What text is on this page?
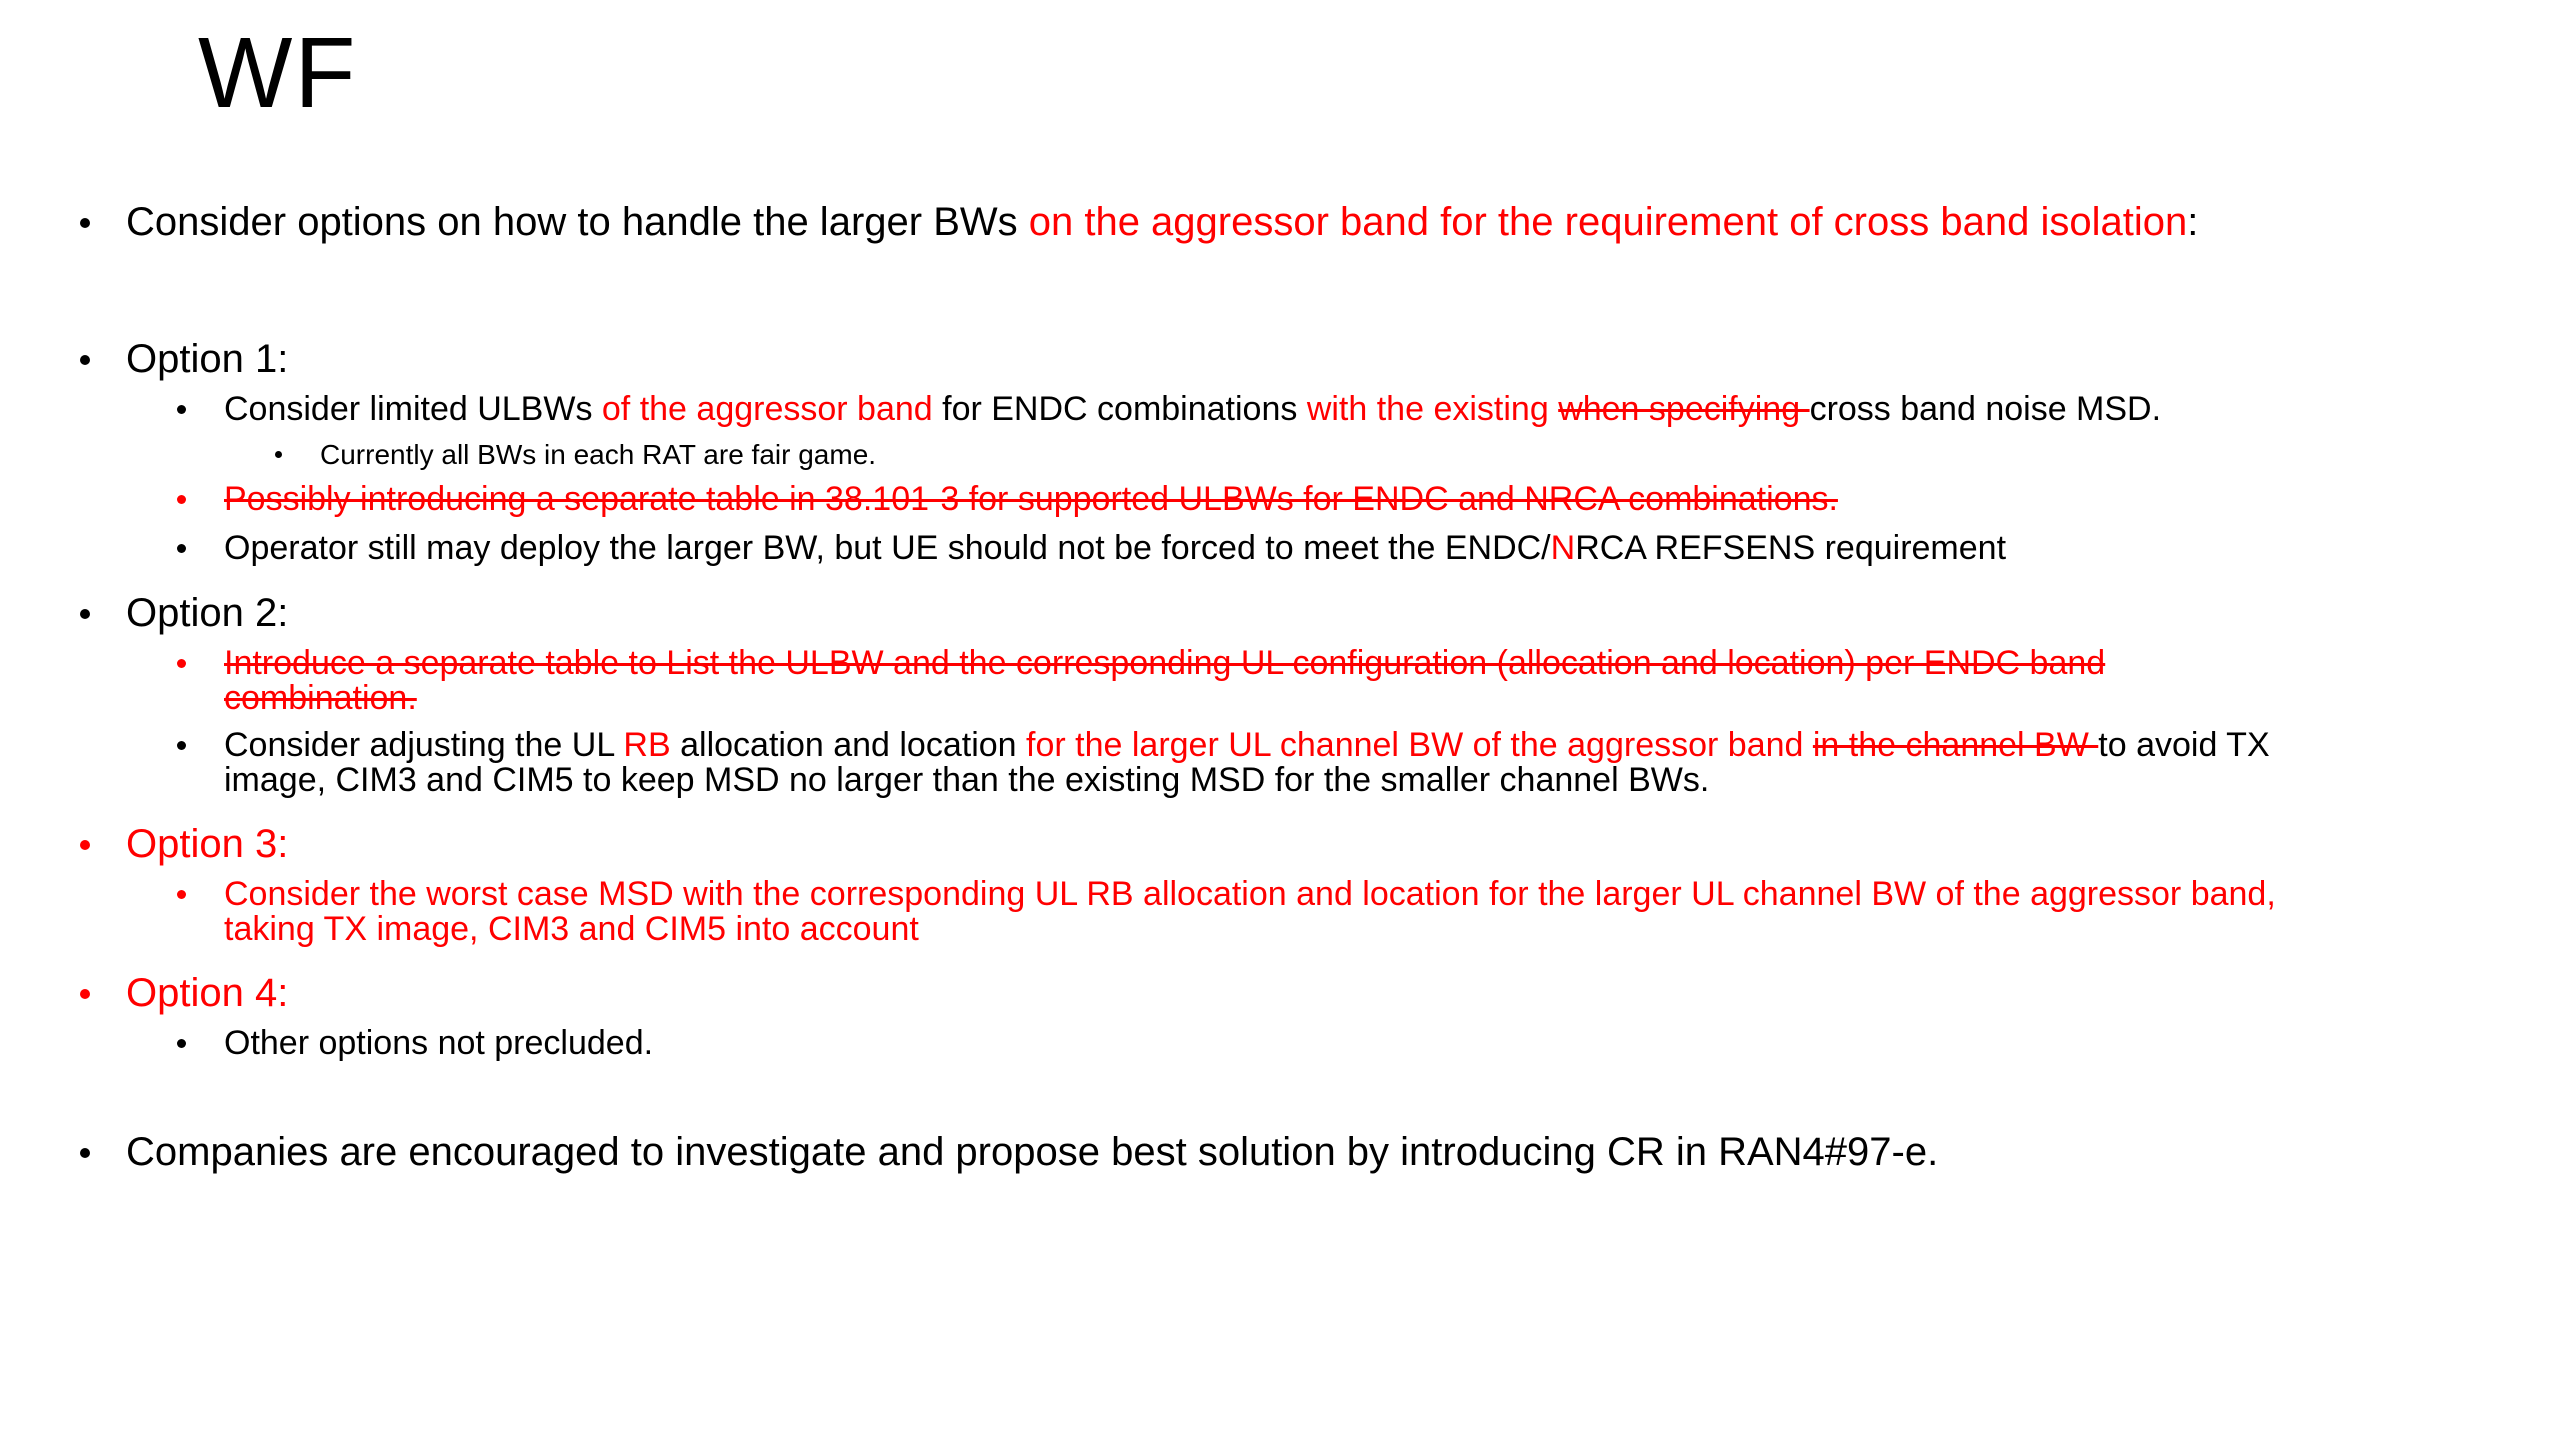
WF
Consider options on how to handle the larger BWs on the aggressor band for the requirement of cross band isolation:
Option 1:
Consider limited ULBWs of the aggressor band for ENDC combinations with the existing when specifying cross band noise MSD.
Currently all BWs in each RAT are fair game.
Possibly introducing a separate table in 38.101-3 for supported ULBWs for ENDC and NRCA combinations.
Operator still may deploy the larger BW, but UE should not be forced to meet the ENDC/NRCA REFSENS requirement
Option 2:
Introduce a separate table to List the ULBW and the corresponding UL configuration (allocation and location) per ENDC band
combination.
Consider adjusting the UL RB allocation and location for the larger UL channel BW of the aggressor band in the channel BW to avoid TX
image, CIM3 and CIM5 to keep MSD no larger than the existing MSD for the smaller channel BWs.
Option 3:
Consider the worst case MSD with the corresponding UL RB allocation and location for the larger UL channel BW of the aggressor band,
taking TX image, CIM3 and CIM5 into account
Option 4:
Other options not precluded.
Companies are encouraged to investigate and propose best solution by introducing CR in RAN4#97-e.
